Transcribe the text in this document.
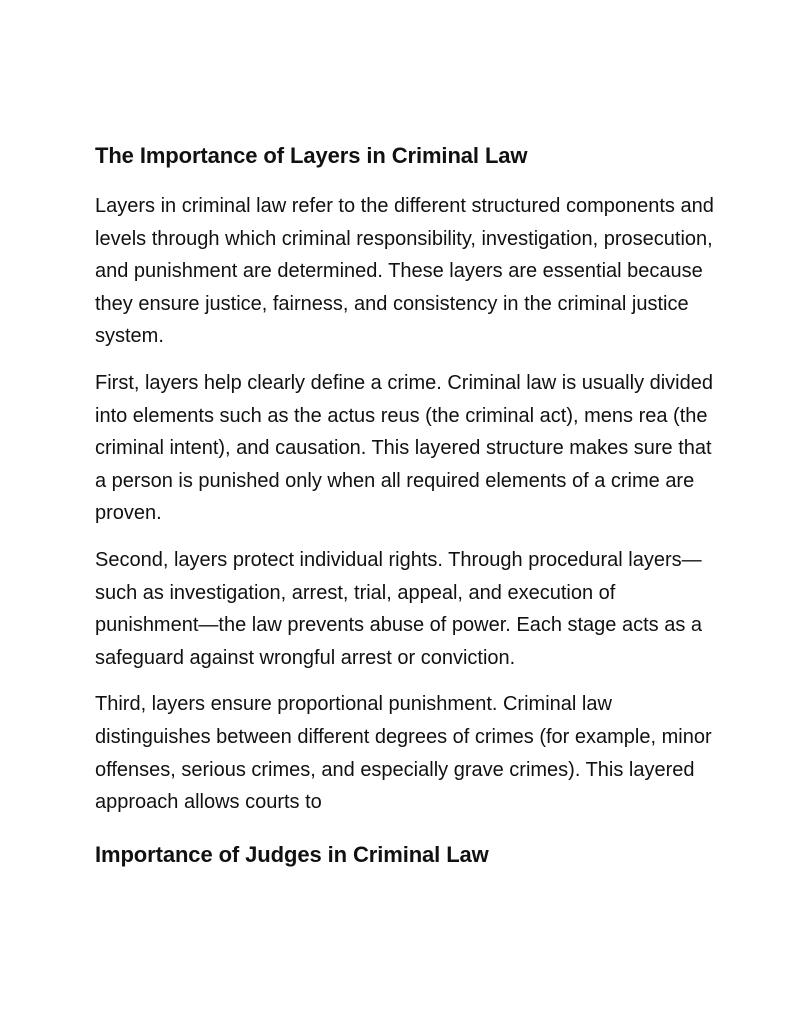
The Importance of Layers in Criminal Law

Layers in criminal law refer to the different structured components and levels through which criminal responsibility, investigation, prosecution, and punishment are determined. These layers are essential because they ensure justice, fairness, and consistency in the criminal justice system.

First, layers help clearly define a crime. Criminal law is usually divided into elements such as the actus reus (the criminal act), mens rea (the criminal intent), and causation. This layered structure makes sure that a person is punished only when all required elements of a crime are proven.

Second, layers protect individual rights. Through procedural layers—such as investigation, arrest, trial, appeal, and execution of punishment—the law prevents abuse of power. Each stage acts as a safeguard against wrongful arrest or conviction.

Third, layers ensure proportional punishment. Criminal law distinguishes between different degrees of crimes (for example, minor offenses, serious crimes, and especially grave crimes). This layered approach allows courts to

Importance of Judges in Criminal Law
